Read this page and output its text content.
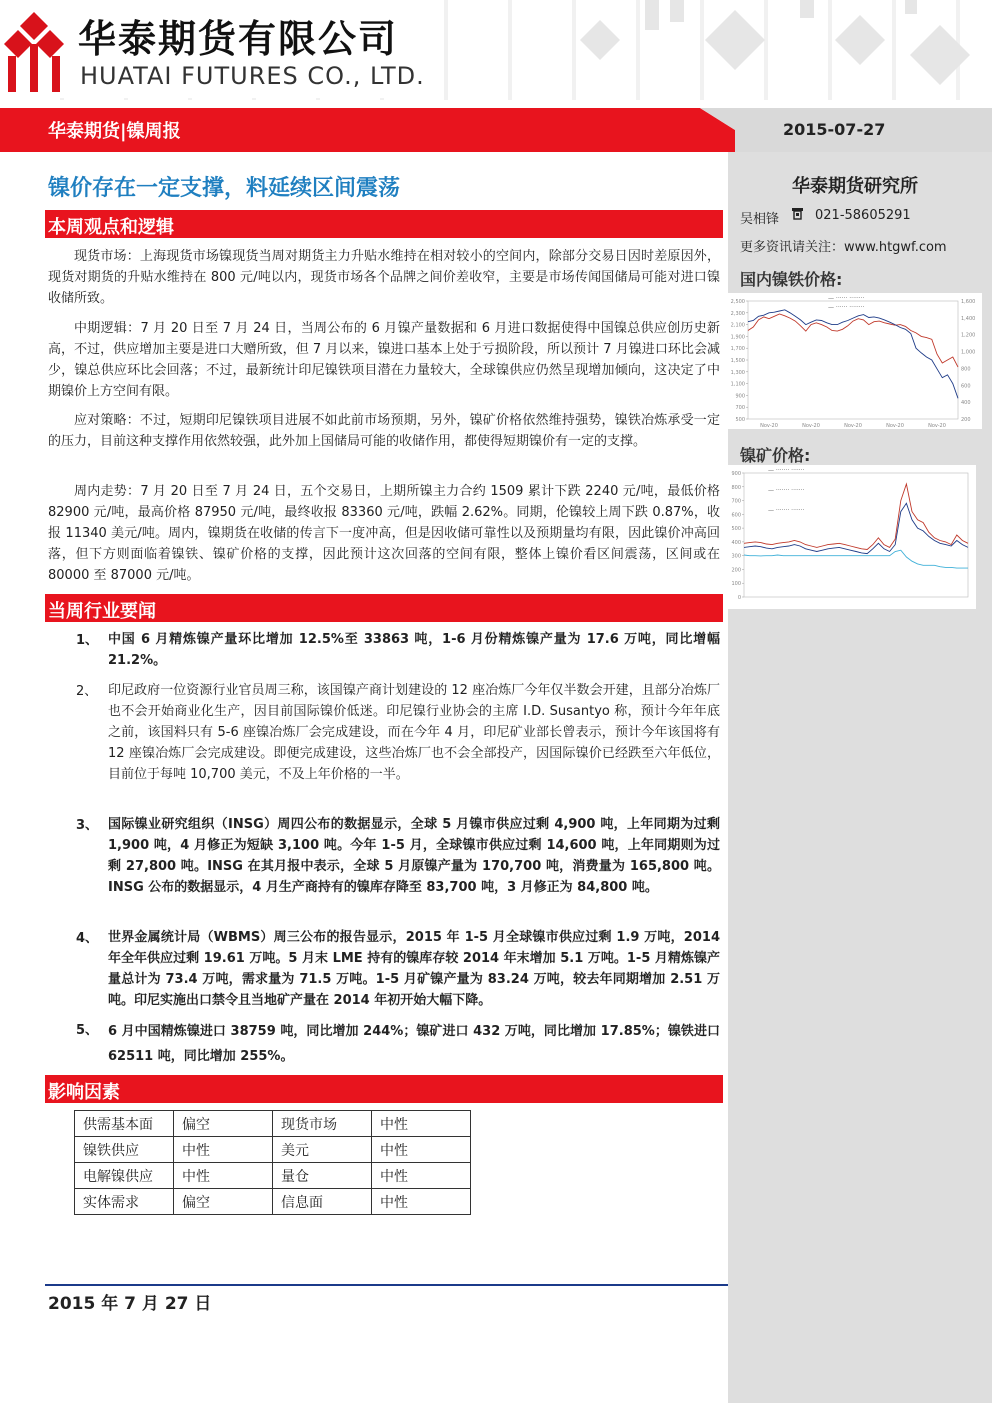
华泰期货有限公司
HUATAI FUTURES CO., LTD.
华泰期货|镍周报	2015-07-27
华泰期货研究所
吴相锋	021-58605291
更多资讯请关注：www.htgwf.com
国内镍铁价格:
2,500
2,300
2,100
1,900
1,700
1,500
1,300
1,100
900
700
500
1,600
1,400
1,200
1,000
800
600
400
200
Nov-20	Nov-20	Nov-20	Nov-20	Nov-20
— ······ ········
— ······ ········
镍矿价格:
900
800
700
600
500
400
300
200
100
0
— ······· ·······
— ······· ·······
— ······· ·······
镍价存在一定支撑，料延续区间震荡
本周观点和逻辑

现货市场：上海现货市场镍现货当周对期货主力升贴水维持在相对较小的空间内，除部分交易日因时差原因外，现货对期货的升贴水维持在 800 元/吨以内，现货市场各个品牌之间价差收窄，主要是市场传闻国储局可能对进口镍收储所致。

中期逻辑：7 月 20 日至 7 月 24 日，当周公布的 6 月镍产量数据和 6 月进口数据使得中国镍总供应创历史新高，不过，供应增加主要是进口大赠所致，但 7 月以来，镍进口基本上处于亏损阶段，所以预计 7 月镍进口环比会减少，镍总供应环比会回落；不过，最新统计印尼镍铁项目潜在力量较大，全球镍供应仍然呈现增加倾向，这决定了中期镍价上方空间有限。

应对策略：不过，短期印尼镍铁项目进展不如此前市场预期，另外，镍矿价格依然维持强势，镍铁冶炼承受一定的压力，目前这种支撑作用依然较强，此外加上国储局可能的收储作用，都使得短期镍价有一定的支撑。

周内走势：7 月 20 日至 7 月 24 日，五个交易日，上期所镍主力合约 1509 累计下跌 2240 元/吨，最低价格 82900 元/吨，最高价格 87950 元/吨，最终收报 83360 元/吨，跌幅 2.62%。同期，伦镍较上周下跌 0.87%，收报 11340 美元/吨。周内，镍期货在收储的传言下一度冲高，但是因收储可靠性以及预期量均有限，因此镍价冲高回落，但下方则面临着镍铁、镍矿价格的支撑，因此预计这次回落的空间有限，整体上镍价看区间震荡，区间或在 80000 至 87000 元/吨。

当周行业要闻
1、 中国 6 月精炼镍产量环比增加 12.5%至 33863 吨，1-6 月份精炼镍产量为 17.6 万吨，同比增幅 21.2%。

2、 印尼政府一位资源行业官员周三称，该国镍产商计划建设的 12 座冶炼厂今年仅半数会开建，且部分冶炼厂也不会开始商业化生产，因目前国际镍价低迷。印尼镍行业协会的主席 I.D. Susantyo 称，预计今年年底之前，该国料只有 5-6 座镍冶炼厂会完成建设，而在今年 4 月，印尼矿业部长曾表示，预计今年该国将有 12 座镍冶炼厂会完成建设。即便完成建设，这些冶炼厂也不会全部投产，因国际镍价已经跌至六年低位，目前位于每吨 10,700 美元，不及上年价格的一半。

3、 国际镍业研究组织（INSG）周四公布的数据显示，全球 5 月镍市供应过剩 4,900 吨，上年同期为过剩 1,900 吨，4 月修正为短缺 3,100 吨。今年 1-5 月，全球镍市供应过剩 14,600 吨，上年同期则为过剩 27,800 吨。INSG 在其月报中表示，全球 5 月原镍产量为 170,700 吨，消费量为 165,800 吨。INSG 公布的数据显示，4 月生产商持有的镍库存降至 83,700 吨，3 月修正为 84,800 吨。

4、 世界金属统计局（WBMS）周三公布的报告显示，2015 年 1-5 月全球镍市供应过剩 1.9 万吨，2014 年全年供应过剩 19.61 万吨。5 月末 LME 持有的镍库存较 2014 年末增加 5.1 万吨。1-5 月精炼镍产量总计为 73.4 万吨，需求量为 71.5 万吨。1-5 月矿镍产量为 83.24 万吨，较去年同期增加 2.51 万吨。印尼实施出口禁令且当地矿产量在 2014 年初开始大幅下降。

5、 6 月中国精炼镍进口 38759 吨，同比增加 244%；镍矿进口 432 万吨，同比增加 17.85%；镍铁进口 62511 吨，同比增加 255%。

影响因素
供需基本面	偏空	现货市场	中性
镍铁供应	中性	美元	中性
电解镍供应	中性	量仓	中性
实体需求	偏空	信息面	中性
2015 年 7 月 27 日
